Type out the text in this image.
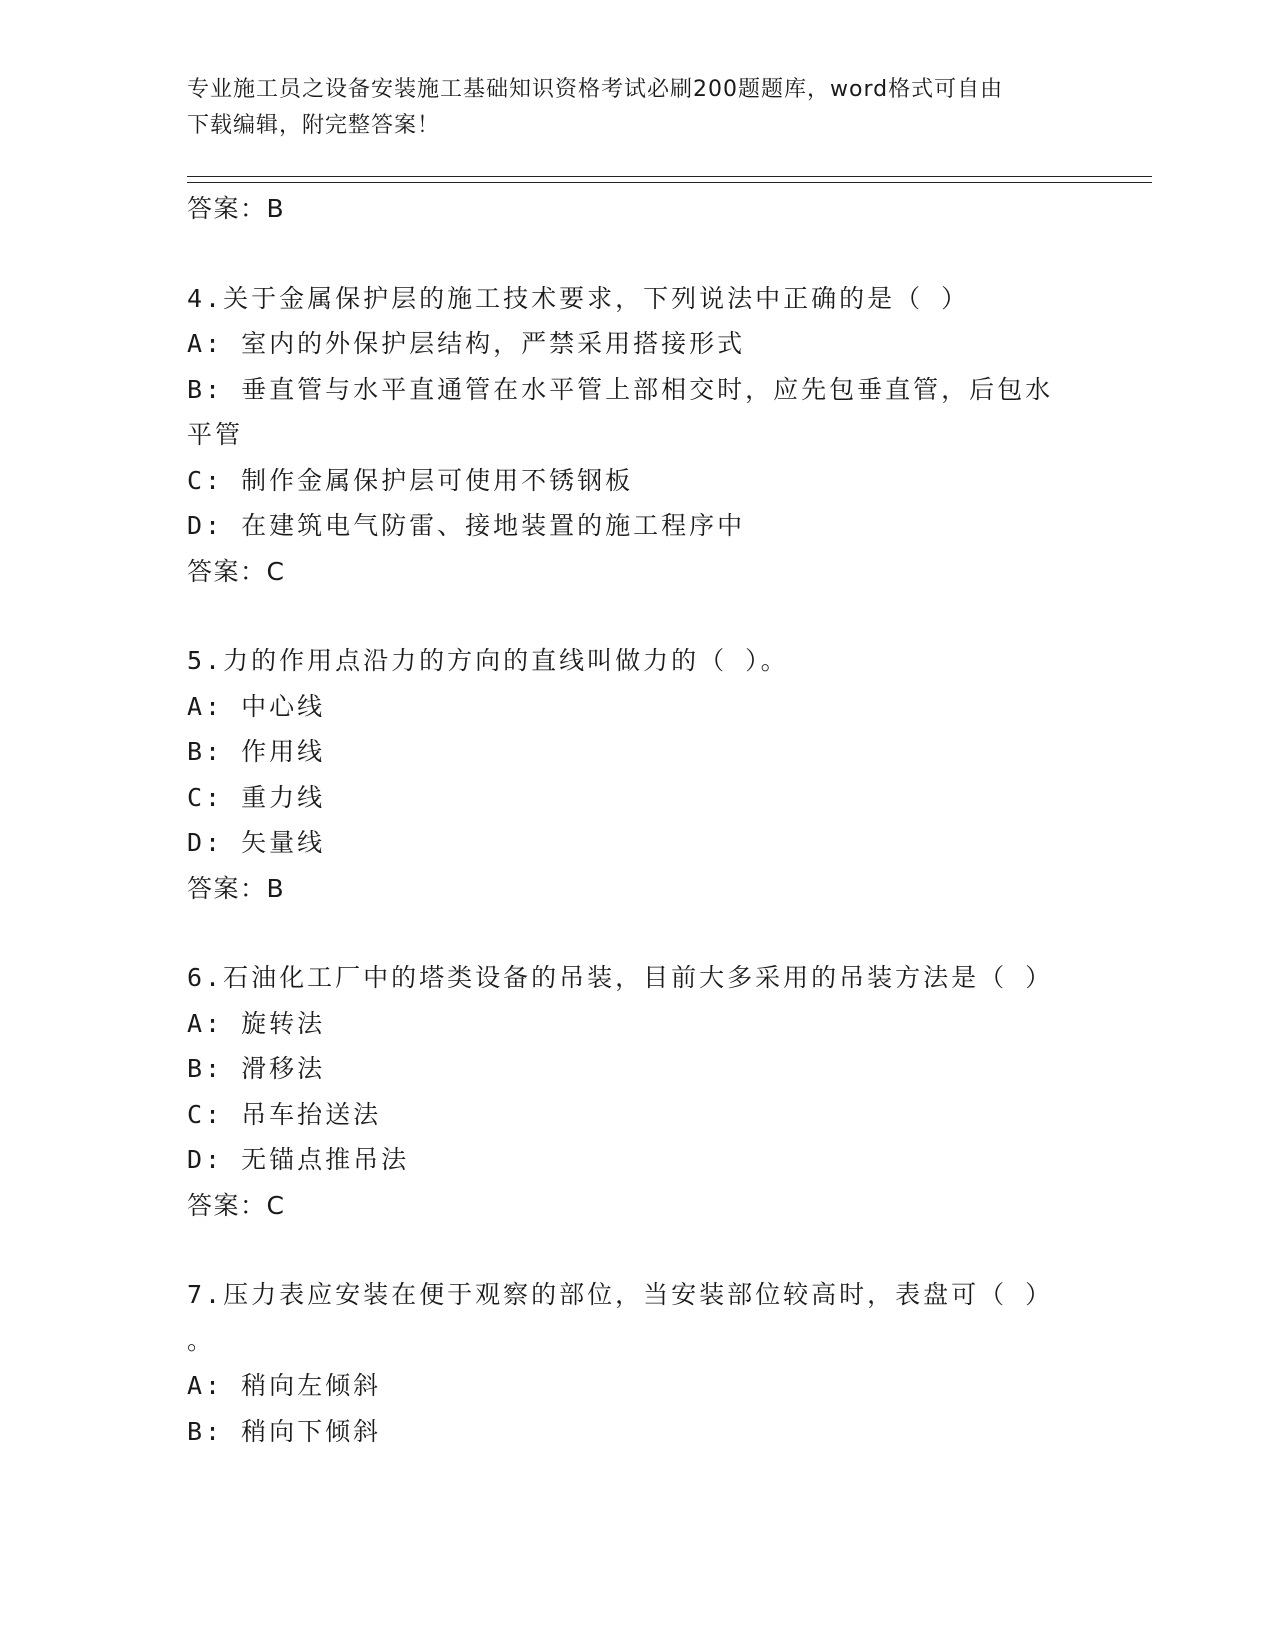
专业施工员之设备安装施工基础知识资格考试必刷200题题库，word格式可自由
下载编辑，附完整答案！
答案：B
4.关于金属保护层的施工技术要求，下列说法中正确的是（ ）
A: 室内的外保护层结构，严禁采用搭接形式
B: 垂直管与水平直通管在水平管上部相交时，应先包垂直管，后包水
平管
C: 制作金属保护层可使用不锈钢板
D: 在建筑电气防雷、接地装置的施工程序中
答案：C
5.力的作用点沿力的方向的直线叫做力的（ ）。
A: 中心线
B: 作用线
C: 重力线
D: 矢量线
答案：B
6.石油化工厂中的塔类设备的吊装，目前大多采用的吊装方法是（ ）
A: 旋转法
B: 滑移法
C: 吊车抬送法
D: 无锚点推吊法
答案：C
7.压力表应安装在便于观察的部位，当安装部位较高时，表盘可（ ）
。
A: 稍向左倾斜
B: 稍向下倾斜
